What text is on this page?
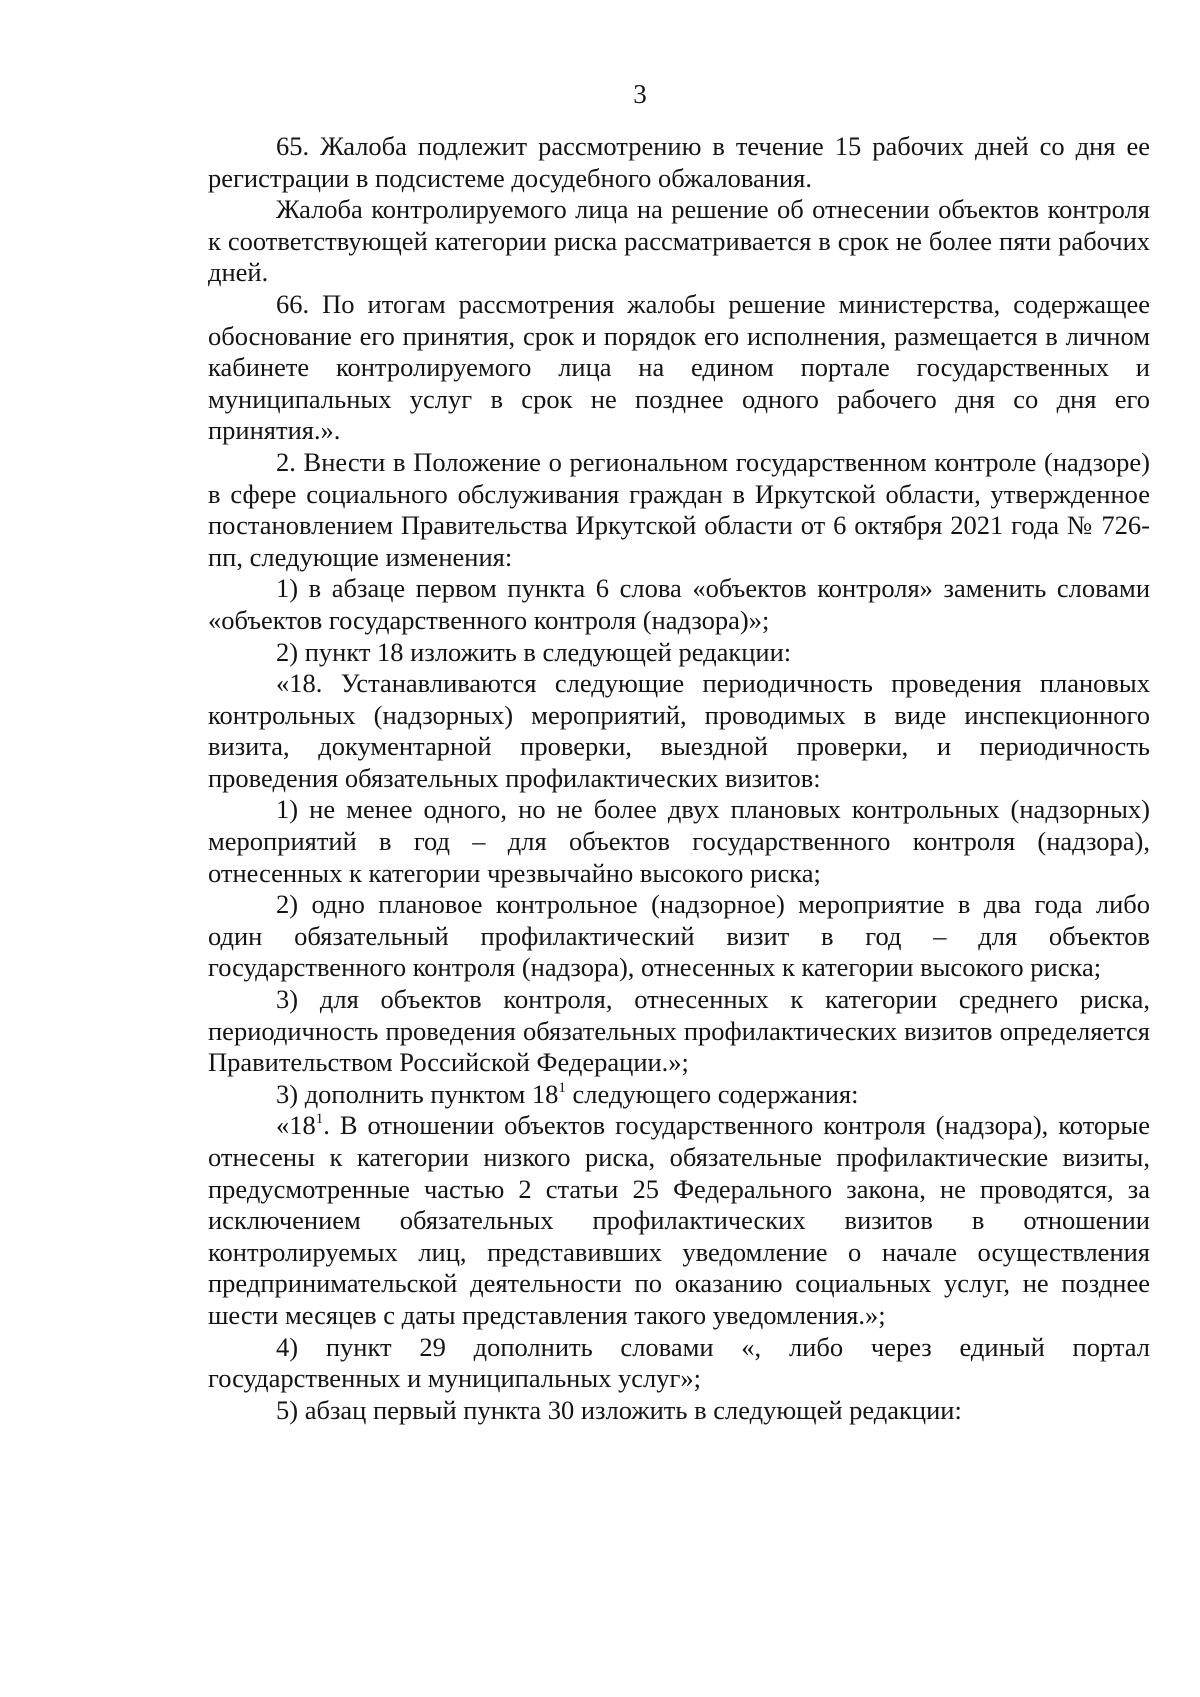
3

65. Жалоба подлежит рассмотрению в течение 15 рабочих дней со дня ее регистрации в подсистеме досудебного обжалования.

Жалоба контролируемого лица на решение об отнесении объектов контроля к соответствующей категории риска рассматривается в срок не более пяти рабочих дней.

66. По итогам рассмотрения жалобы решение министерства, содержащее обоснование его принятия, срок и порядок его исполнения, размещается в личном кабинете контролируемого лица на едином портале государственных и муниципальных услуг в срок не позднее одного рабочего дня со дня его принятия.».

2. Внести в Положение о региональном государственном контроле (надзоре) в сфере социального обслуживания граждан в Иркутской области, утвержденное постановлением Правительства Иркутской области от 6 октября 2021 года № 726-пп, следующие изменения:

1) в абзаце первом пункта 6 слова «объектов контроля» заменить словами «объектов государственного контроля (надзора)»;

2) пункт 18 изложить в следующей редакции:

«18. Устанавливаются следующие периодичность проведения плановых контрольных (надзорных) мероприятий, проводимых в виде инспекционного визита, документарной проверки, выездной проверки, и периодичность проведения обязательных профилактических визитов:

1) не менее одного, но не более двух плановых контрольных (надзорных) мероприятий в год – для объектов государственного контроля (надзора), отнесенных к категории чрезвычайно высокого риска;

2) одно плановое контрольное (надзорное) мероприятие в два года либо один обязательный профилактический визит в год – для объектов государственного контроля (надзора), отнесенных к категории высокого риска;

3) для объектов контроля, отнесенных к категории среднего риска, периодичность проведения обязательных профилактических визитов определяется Правительством Российской Федерации.»;

3) дополнить пунктом $18^1$ следующего содержания:

«$18^1$. В отношении объектов государственного контроля (надзора), которые отнесены к категории низкого риска, обязательные профилактические визиты, предусмотренные частью 2 статьи 25 Федерального закона, не проводятся, за исключением обязательных профилактических визитов в отношении контролируемых лиц, представивших уведомление о начале осуществления предпринимательской деятельности по оказанию социальных услуг, не позднее шести месяцев с даты представления такого уведомления.»;

4) пункт 29 дополнить словами «, либо через единый портал государственных и муниципальных услуг»;

5) абзац первый пункта 30 изложить в следующей редакции:
